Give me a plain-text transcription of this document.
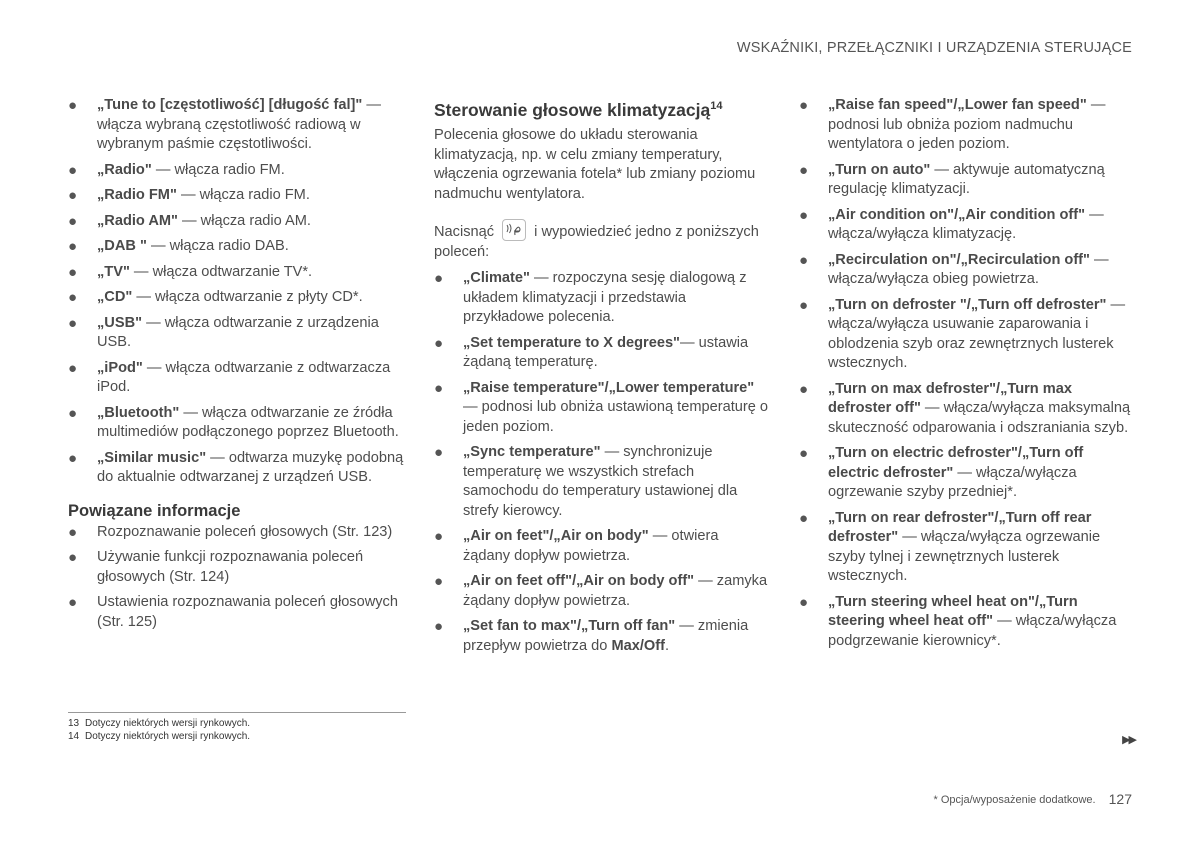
WSKAŹNIKI, PRZEŁĄCZNIKI I URZĄDZENIA STERUJĄCE
● „Tune to [częstotliwość] [długość fal]" — włącza wybraną częstotliwość radiową w wybranym paśmie częstotliwości.
● „Radio" — włącza radio FM.
● „Radio FM" — włącza radio FM.
● „Radio AM" — włącza radio AM.
● „DAB " — włącza radio DAB.
● „TV" — włącza odtwarzanie TV*.
● „CD" — włącza odtwarzanie z płyty CD*.
● „USB" — włącza odtwarzanie z urządzenia USB.
● „iPod" — włącza odtwarzanie z odtwarzacza iPod.
● „Bluetooth" — włącza odtwarzanie ze źródła multimediów podłączonego poprzez Bluetooth.
● „Similar music" — odtwarza muzykę podobną do aktualnie odtwarzanej z urządzeń USB.
Powiązane informacje
● Rozpoznawanie poleceń głosowych (Str. 123)
● Używanie funkcji rozpoznawania poleceń głosowych (Str. 124)
● Ustawienia rozpoznawania poleceń głosowych (Str. 125)
Sterowanie głosowe klimatyzacją$^{14}$
Polecenia głosowe do układu sterowania klimatyzacją, np. w celu zmiany temperatury, włączenia ogrzewania fotela* lub zmiany poziomu nadmuchu wentylatora.
Nacisnąć	i wypowiedzieć jedno z poniższych poleceń:
● „Climate" — rozpoczyna sesję dialogową z układem klimatyzacji i przedstawia przykładowe polecenia.
● „Set temperature to X degrees"— ustawia żądaną temperaturę.
● „Raise temperature"/„Lower temperature" — podnosi lub obniża ustawioną temperaturę o jeden poziom.
● „Sync temperature" — synchronizuje temperaturę we wszystkich strefach samochodu do temperatury ustawionej dla strefy kierowcy.
● „Air on feet"/„Air on body" — otwiera żądany dopływ powietrza.
● „Air on feet off"/„Air on body off" — zamyka żądany dopływ powietrza.
● „Set fan to max"/„Turn off fan" — zmienia przepływ powietrza do Max/Off.
● „Raise fan speed"/„Lower fan speed" — podnosi lub obniża poziom nadmuchu wentylatora o jeden poziom.
● „Turn on auto" — aktywuje automatyczną regulację klimatyzacji.
● „Air condition on"/„Air condition off" — włącza/wyłącza klimatyzację.
● „Recirculation on"/„Recirculation off" — włącza/wyłącza obieg powietrza.
● „Turn on defroster "/„Turn off defroster" — włącza/wyłącza usuwanie zaparowania i oblodzenia szyb oraz zewnętrznych lusterek wstecznych.
● „Turn on max defroster"/„Turn max defroster off" — włącza/wyłącza maksymalną skuteczność odparowania i odszraniania szyb.
● „Turn on electric defroster"/„Turn off electric defroster" — włącza/wyłącza ogrzewanie szyby przedniej*.
● „Turn on rear defroster"/„Turn off rear defroster" — włącza/wyłącza ogrzewanie szyby tylnej i zewnętrznych lusterek wstecznych.
● „Turn steering wheel heat on"/„Turn steering wheel heat off" — włącza/wyłącza podgrzewanie kierownicy*.
13 Dotyczy niektórych wersji rynkowych.
14 Dotyczy niektórych wersji rynkowych.	▶▶
* Opcja/wyposażenie dodatkowe. 127
